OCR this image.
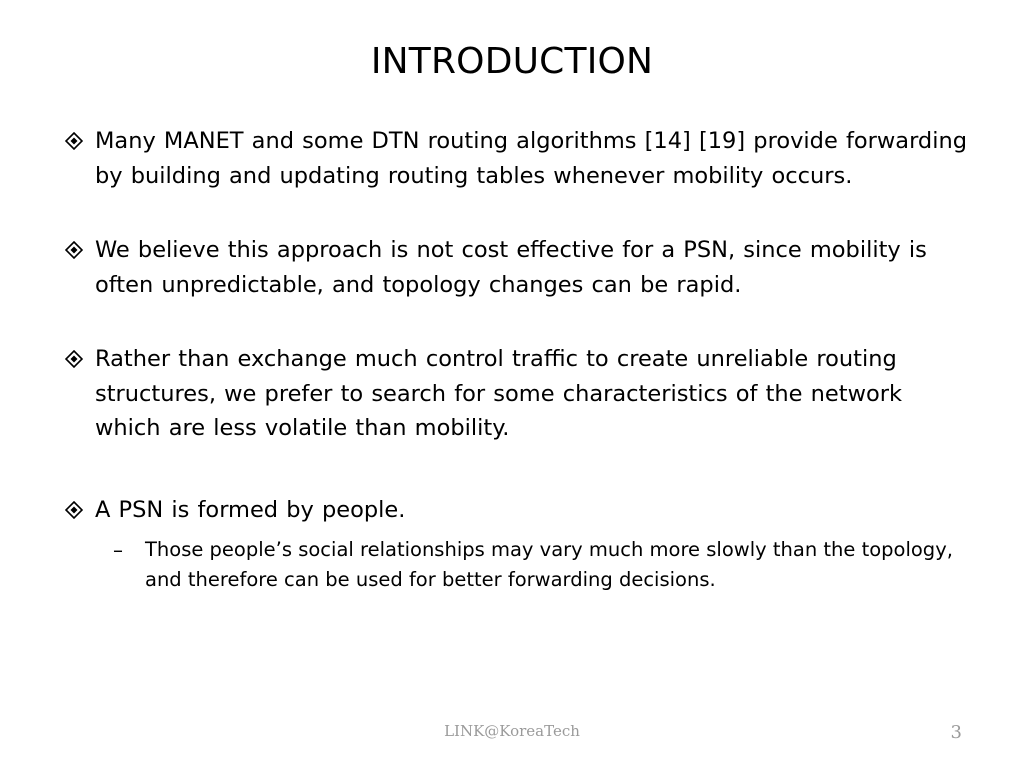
INTRODUCTION
Many MANET and some DTN routing algorithms [14] [19] provide forwarding by building and updating routing tables whenever mobility occurs.
We believe this approach is not cost effective for a PSN, since mobility is often unpredictable, and topology changes can be rapid.
Rather than exchange much control traffic to create unreliable routing structures, we prefer to search for some characteristics of the network which are less volatile than mobility.
A PSN is formed by people.
–	Those people’s social relationships may vary much more slowly than the topology, and therefore can be used for better forwarding decisions.
LINK@KoreaTech	3
